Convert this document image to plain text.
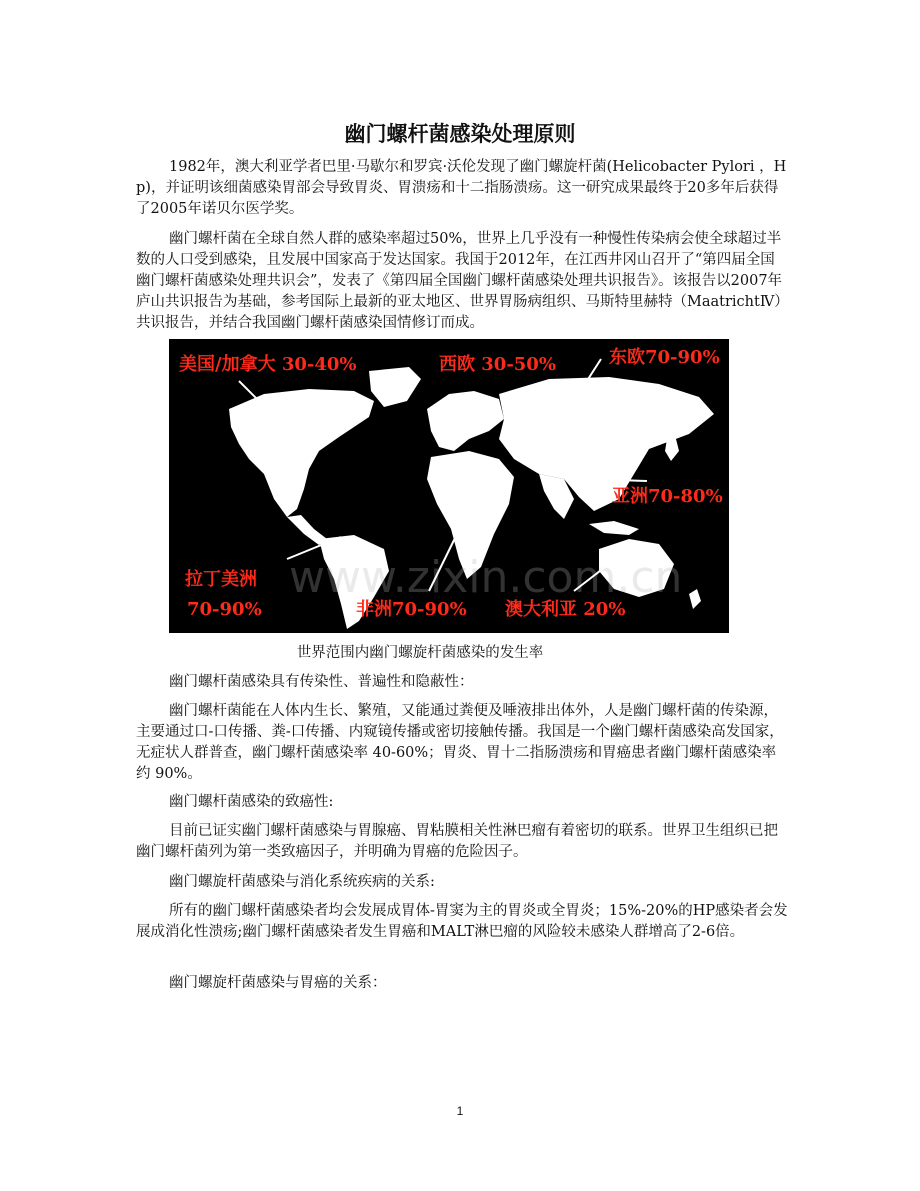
幽门螺杆菌感染处理原则

1982年，澳大利亚学者巴里·马歇尔和罗宾·沃伦发现了幽门螺旋杆菌(Helicobacter Pylori ，Hp)，并证明该细菌感染胃部会导致胃炎、胃溃疡和十二指肠溃疡。这一研究成果最终于20多年后获得了2005年诺贝尔医学奖。

幽门螺杆菌在全球自然人群的感染率超过50%，世界上几乎没有一种慢性传染病会使全球超过半数的人口受到感染，且发展中国家高于发达国家。我国于2012年，在江西井冈山召开了“第四届全国幽门螺杆菌感染处理共识会”，发表了《第四届全国幽门螺杆菌感染处理共识报告》。该报告以2007年庐山共识报告为基础，参考国际上最新的亚太地区、世界胃肠病组织、马斯特里赫特（MaatrichtⅣ）共识报告，并结合我国幽门螺杆菌感染国情修订而成。

www.zixin.com.cn
美国/加拿大 30-40%	西欧 30-50%	东欧70-90%
亚洲70-80%
拉丁美洲
70-90%	非洲70-90% 澳大利亚 20%

世界范围内幽门螺旋杆菌感染的发生率

幽门螺杆菌感染具有传染性、普遍性和隐蔽性：

幽门螺杆菌能在人体内生长、繁殖，又能通过粪便及唾液排出体外，人是幽门螺杆菌的传染源，主要通过口-口传播、粪-口传播、内窥镜传播或密切接触传播。我国是一个幽门螺杆菌感染高发国家，无症状人群普查，幽门螺杆菌感染率 40-60%；胃炎、胃十二指肠溃疡和胃癌患者幽门螺杆菌感染率约 90%。

幽门螺杆菌感染的致癌性:

目前已证实幽门螺杆菌感染与胃腺癌、胃粘膜相关性淋巴瘤有着密切的联系。世界卫生组织已把幽门螺杆菌列为第一类致癌因子，并明确为胃癌的危险因子。

幽门螺旋杆菌感染与消化系统疾病的关系:

所有的幽门螺杆菌感染者均会发展成胃体-胃窦为主的胃炎或全胃炎；15%-20%的HP感染者会发展成消化性溃疡;幽门螺杆菌感染者发生胃癌和MALT淋巴瘤的风险较未感染人群增高了2-6倍。

幽门螺旋杆菌感染与胃癌的关系：

1
